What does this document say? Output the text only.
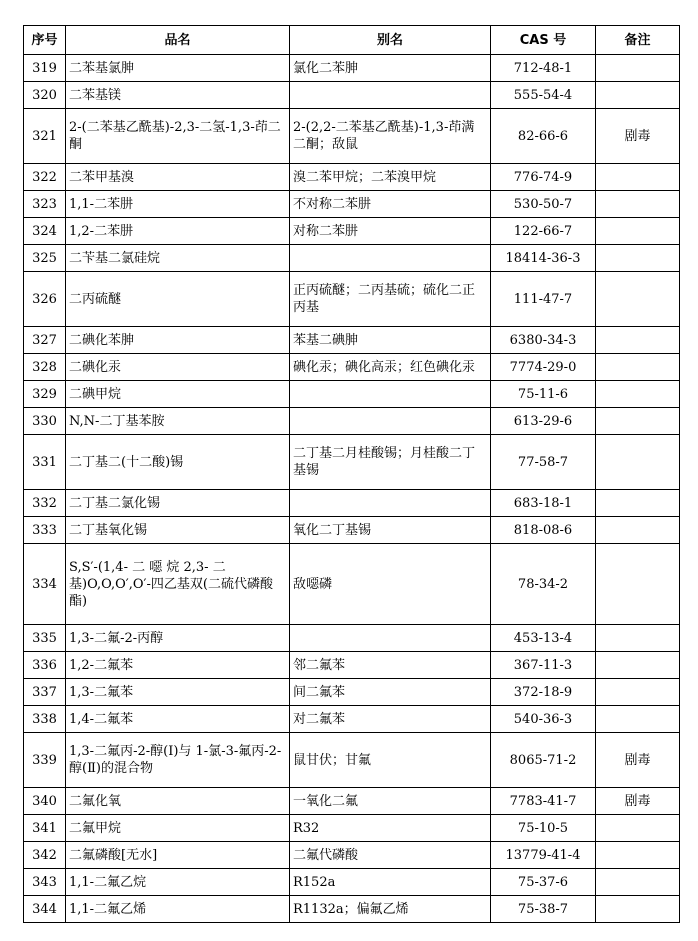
序号	品名	别名	CAS 号	备注
319	二苯基氯胂	氯化二苯胂	712-48-1	
320	二苯基镁		555-54-4	
321	2-(二苯基乙酰基)-2,3-二氢-1,3-茚二酮	2-(2,2-二苯基乙酰基)-1,3-茚满二酮；敌鼠	82-66-6	剧毒
322	二苯甲基溴	溴二苯甲烷；二苯溴甲烷	776-74-9	
323	1,1-二苯肼	不对称二苯肼	530-50-7	
324	1,2-二苯肼	对称二苯肼	122-66-7	
325	二苄基二氯硅烷		18414-36-3	
326	二丙硫醚	正丙硫醚；二丙基硫；硫化二正丙基	111-47-7	
327	二碘化苯胂	苯基二碘胂	6380-34-3	
328	二碘化汞	碘化汞；碘化高汞；红色碘化汞	7774-29-0	
329	二碘甲烷		75-11-6	
330	N,N-二丁基苯胺		613-29-6	
331	二丁基二(十二酸)锡	二丁基二月桂酸锡；月桂酸二丁基锡	77-58-7	
332	二丁基二氯化锡		683-18-1	
333	二丁基氧化锡	氧化二丁基锡	818-08-6	
334	S,S′-(1,4- 二 噁 烷 2,3- 二 基)O,O,O′,O′-四乙基双(二硫代磷酸酯)	敌噁磷	78-34-2	
335	1,3-二氟-2-丙醇		453-13-4	
336	1,2-二氟苯	邻二氟苯	367-11-3	
337	1,3-二氟苯	间二氟苯	372-18-9	
338	1,4-二氟苯	对二氟苯	540-36-3	
339	1,3-二氟丙-2-醇(Ⅰ)与 1-氯-3-氟丙-2-醇(Ⅱ)的混合物	鼠甘伏；甘氟	8065-71-2	剧毒
340	二氟化氧	一氧化二氟	7783-41-7	剧毒
341	二氟甲烷	R32	75-10-5	
342	二氟磷酸[无水]	二氟代磷酸	13779-41-4	
343	1,1-二氟乙烷	R152a	75-37-6	
344	1,1-二氟乙烯	R1132a；偏氟乙烯	75-38-7	
